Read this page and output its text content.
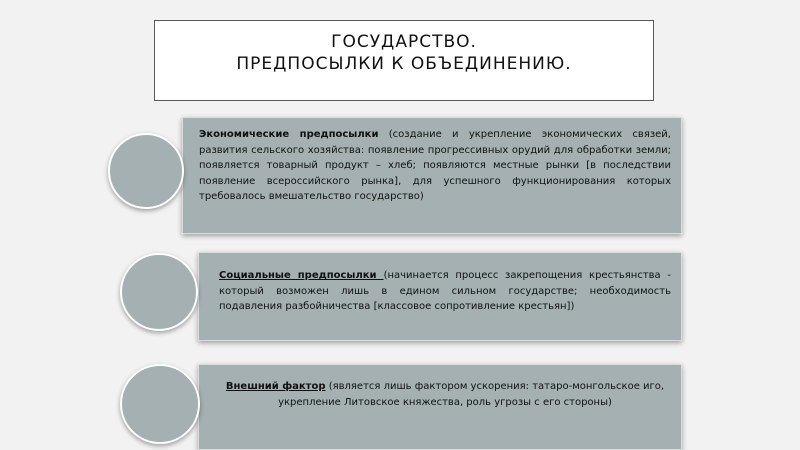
ГОСУДАРСТВО.
ПРЕДПОСЫЛКИ К ОБЪЕДИНЕНИЮ.
Экономические предпосылки (создание и укрепление экономических связей, развития сельского хозяйства: появление прогрессивных орудий для обработки земли; появляется товарный продукт – хлеб; появляются местные рынки [в последствии появление всероссийского рынка], для успешного функционирования которых требовалось вмешательство государство)
Социальные предпосылки (начинается процесс закрепощения крестьянства - который возможен лишь в едином сильном государстве; необходимость подавления разбойничества [классовое сопротивление крестьян])
Внешний фактор (является лишь фактором ускорения: татаро-монгольское иго, укрепление Литовское княжества, роль угрозы с его стороны)
